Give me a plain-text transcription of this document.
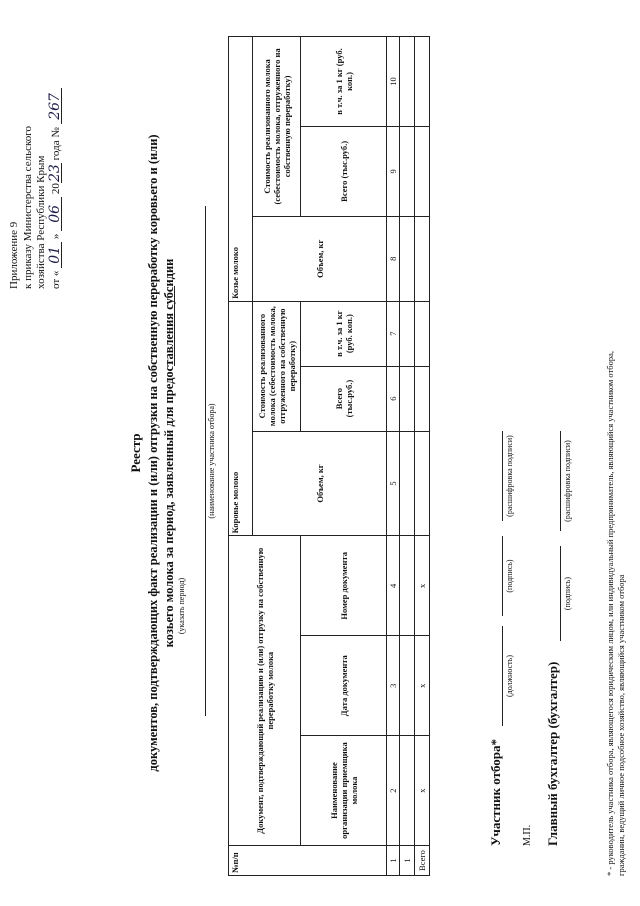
Приложение 9 к приказу Министерства сельского хозяйства Республики Крым от « 01 » 06 2023 года № 267
Реестр документов, подтверждающих факт реализации и (или) отгрузки на собственную переработку коровьего и (или) козьего молока за период, заявленный для предоставления субсидии (указать период)
(наименование участника отбора)
№п/п	Документ, подтверждающий реализацию и (или) отгрузку на собственную переработку молока			Коровье молоко			Козье молоко		
				Объем, кг	Стоимость реализованного молока (себестоимость молока, отгруженного на собственную переработку)		Объем, кг	Стоимость реализованного молока (себестоимость молока, отгруженного на собственную переработку)	
	Наименование организации приемщика молока	Дата документа	Номер документа		Всего (тыс.руб.)	в т.ч. за 1 кг (руб. коп.)		Всего (тыс.руб.)	в т.ч. за 1 кг (руб. коп.)
1	2	3	4	5	6	7	8	9	10
1									
Всего	х	х	х						
Участник отбора*
(должность)
(подпись)
(расшифровка подписи)
М.П. Главный бухгалтер (бухгалтер)
(подпись)
(расшифровка подписи)	* - руководитель участника отбора, являющегося юридическим лицом, или индивидуальный предприниматель, являющийся участником отбора, гражданин, ведущий личное подсобное хозяйство, являющийся участником отбора
